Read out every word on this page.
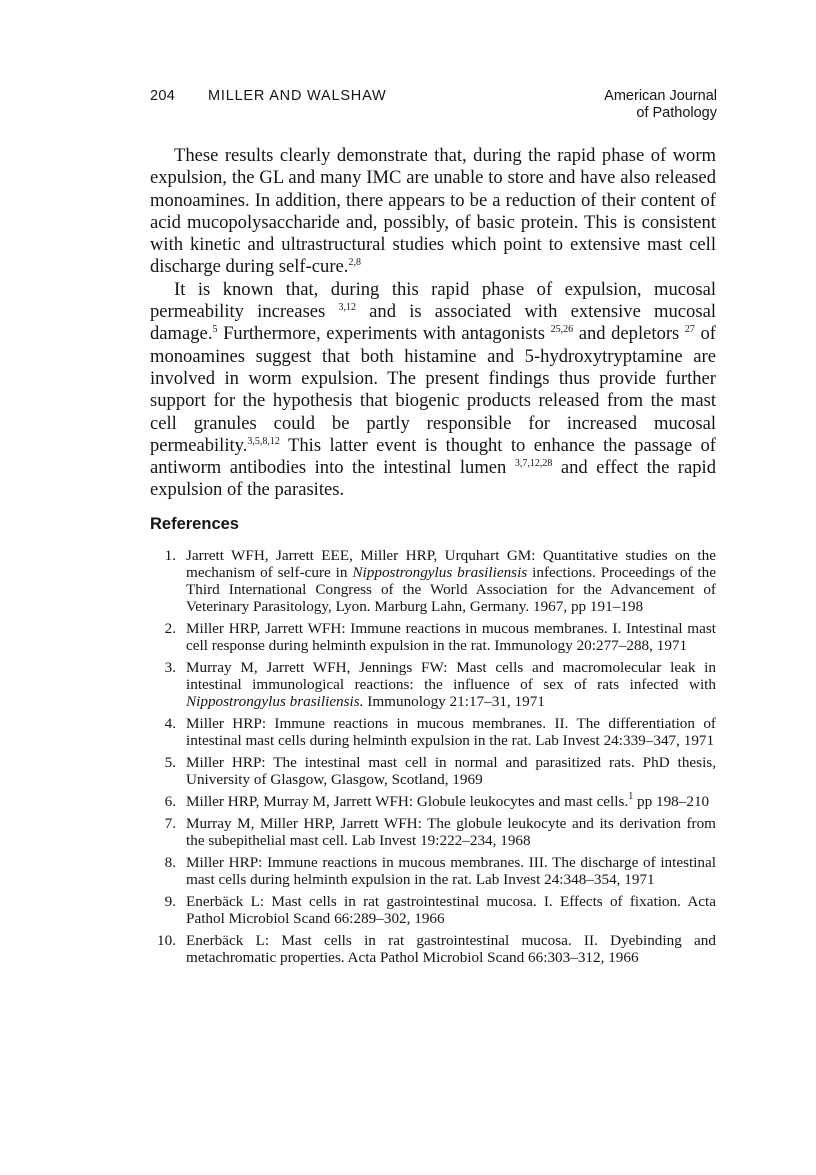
204 MILLER AND WALSHAW	American Journal
of Pathology

These results clearly demonstrate that, during the rapid phase of worm expulsion, the GL and many IMC are unable to store and have also released monoamines. In addition, there appears to be a reduction of their content of acid mucopolysaccharide and, possibly, of basic protein. This is consistent with kinetic and ultrastructural studies which point to extensive mast cell discharge during self-cure.$^{2,8}$

It is known that, during this rapid phase of expulsion, mucosal permeability increases $^{3,12}$ and is associated with extensive mucosal damage.$^5$ Furthermore, experiments with antagonists $^{25,26}$ and depletors $^{27}$ of monoamines suggest that both histamine and 5-hydroxytryptamine are involved in worm expulsion. The present findings thus provide further support for the hypothesis that biogenic products released from the mast cell granules could be partly responsible for increased mucosal permeability.$^{3,5,8,12}$ This latter event is thought to enhance the passage of antiworm antibodies into the intestinal lumen $^{3,7,12,28}$ and effect the rapid expulsion of the parasites.

References
1. Jarrett WFH, Jarrett EEE, Miller HRP, Urquhart GM: Quantitative studies on the mechanism of self-cure in Nippostrongylus brasiliensis infections. Proceedings of the Third International Congress of the World Association for the Advancement of Veterinary Parasitology, Lyon. Marburg Lahn, Germany. 1967, pp 191–198
2. Miller HRP, Jarrett WFH: Immune reactions in mucous membranes. I. Intestinal mast cell response during helminth expulsion in the rat. Immunology 20:277–288, 1971
3. Murray M, Jarrett WFH, Jennings FW: Mast cells and macromolecular leak in intestinal immunological reactions: the influence of sex of rats infected with Nippostrongylus brasiliensis. Immunology 21:17–31, 1971
4. Miller HRP: Immune reactions in mucous membranes. II. The differentiation of intestinal mast cells during helminth expulsion in the rat. Lab Invest 24:339–347, 1971
5. Miller HRP: The intestinal mast cell in normal and parasitized rats. PhD thesis, University of Glasgow, Glasgow, Scotland, 1969
6. Miller HRP, Murray M, Jarrett WFH: Globule leukocytes and mast cells.$^1$ pp 198–210
7. Murray M, Miller HRP, Jarrett WFH: The globule leukocyte and its derivation from the subepithelial mast cell. Lab Invest 19:222–234, 1968
8. Miller HRP: Immune reactions in mucous membranes. III. The discharge of intestinal mast cells during helminth expulsion in the rat. Lab Invest 24:348–354, 1971
9. Enerbäck L: Mast cells in rat gastrointestinal mucosa. I. Effects of fixation. Acta Pathol Microbiol Scand 66:289–302, 1966
10. Enerbäck L: Mast cells in rat gastrointestinal mucosa. II. Dyebinding and metachromatic properties. Acta Pathol Microbiol Scand 66:303–312, 1966
